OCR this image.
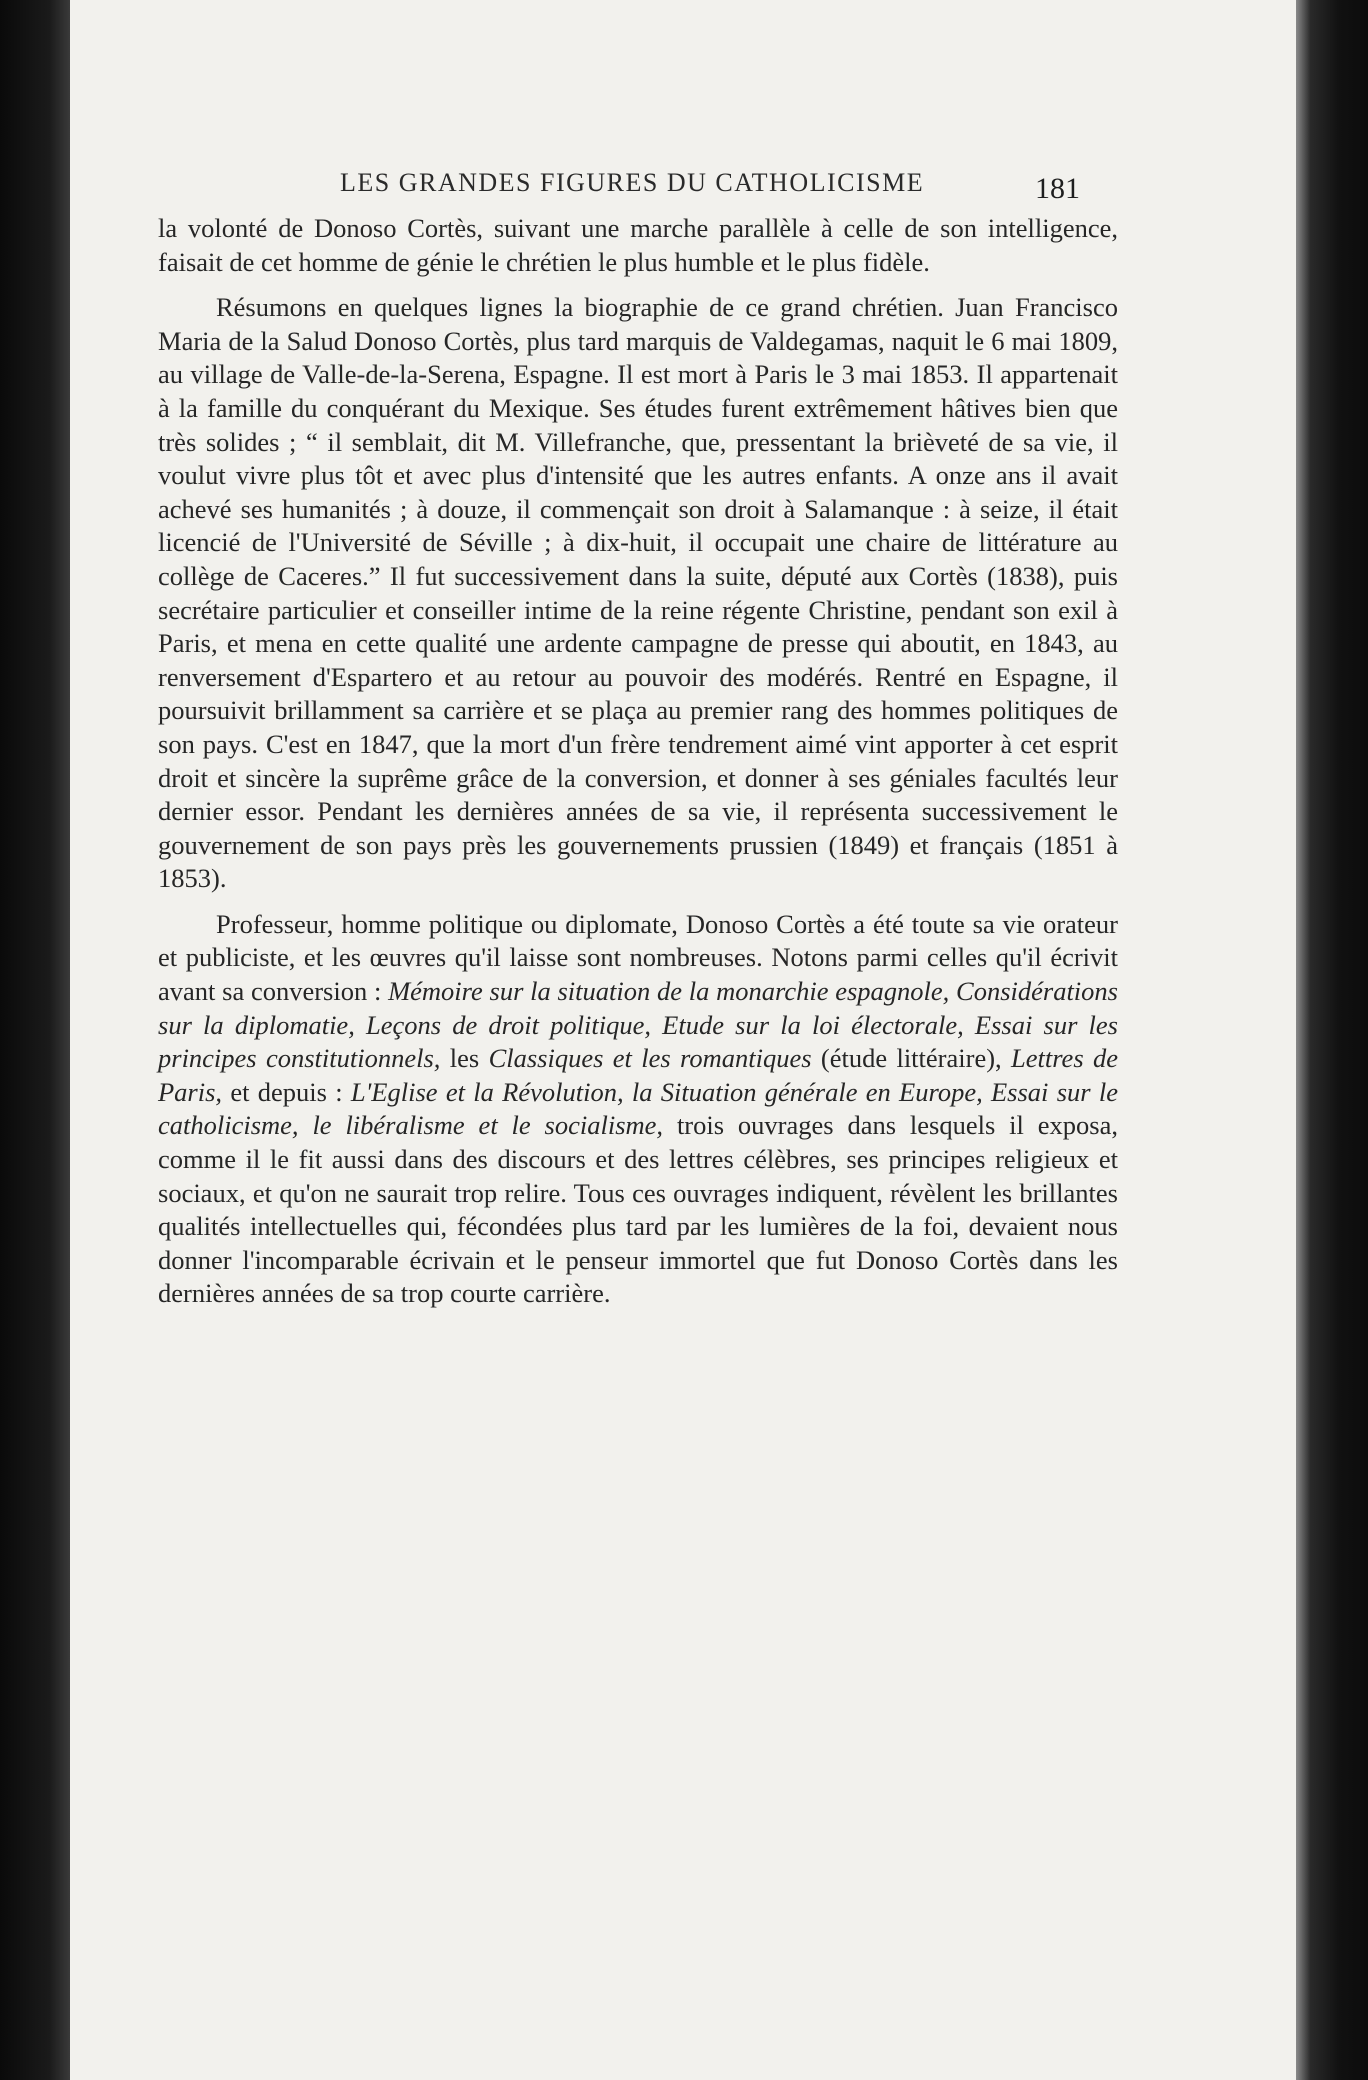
LES GRANDES FIGURES DU CATHOLICISME	181

la volonté de Donoso Cortès, suivant une marche parallèle à celle de son intelligence, faisait de cet homme de génie le chrétien le plus humble et le plus fidèle.

Résumons en quelques lignes la biographie de ce grand chrétien. Juan Francisco Maria de la Salud Donoso Cortès, plus tard marquis de Valdegamas, naquit le 6 mai 1809, au village de Valle-de-la-Serena, Espagne. Il est mort à Paris le 3 mai 1853. Il appartenait à la famille du conquérant du Mexique. Ses études furent extrêmement hâtives bien que très solides ; “ il semblait, dit M. Villefranche, que, pressentant la brièveté de sa vie, il voulut vivre plus tôt et avec plus d'intensité que les autres enfants. A onze ans il avait achevé ses humanités ; à douze, il commençait son droit à Salamanque : à seize, il était licencié de l'Université de Séville ; à dix-huit, il occupait une chaire de littérature au collège de Caceres.” Il fut successivement dans la suite, député aux Cortès (1838), puis secrétaire particulier et conseiller intime de la reine régente Christine, pendant son exil à Paris, et mena en cette qualité une ardente campagne de presse qui aboutit, en 1843, au renversement d'Espartero et au retour au pouvoir des modérés. Rentré en Espagne, il poursuivit brillamment sa carrière et se plaça au premier rang des hommes politiques de son pays. C'est en 1847, que la mort d'un frère tendrement aimé vint apporter à cet esprit droit et sincère la suprême grâce de la conversion, et donner à ses géniales facultés leur dernier essor. Pendant les dernières années de sa vie, il représenta successivement le gouvernement de son pays près les gouvernements prussien (1849) et français (1851 à 1853).

Professeur, homme politique ou diplomate, Donoso Cortès a été toute sa vie orateur et publiciste, et les œuvres qu'il laisse sont nombreuses. Notons parmi celles qu'il écrivit avant sa conversion : Mémoire sur la situation de la monarchie espagnole, Considérations sur la diplomatie, Leçons de droit politique, Etude sur la loi électorale, Essai sur les principes constitutionnels, les Classiques et les romantiques (étude littéraire), Lettres de Paris, et depuis : L'Eglise et la Révolution, la Situation générale en Europe, Essai sur le catholicisme, le libéralisme et le socialisme, trois ouvrages dans lesquels il exposa, comme il le fit aussi dans des discours et des lettres célèbres, ses principes religieux et sociaux, et qu'on ne saurait trop relire. Tous ces ouvrages indiquent, révèlent les brillantes qualités intellectuelles qui, fécondées plus tard par les lumières de la foi, devaient nous donner l'incomparable écrivain et le penseur immortel que fut Donoso Cortès dans les dernières années de sa trop courte carrière.
